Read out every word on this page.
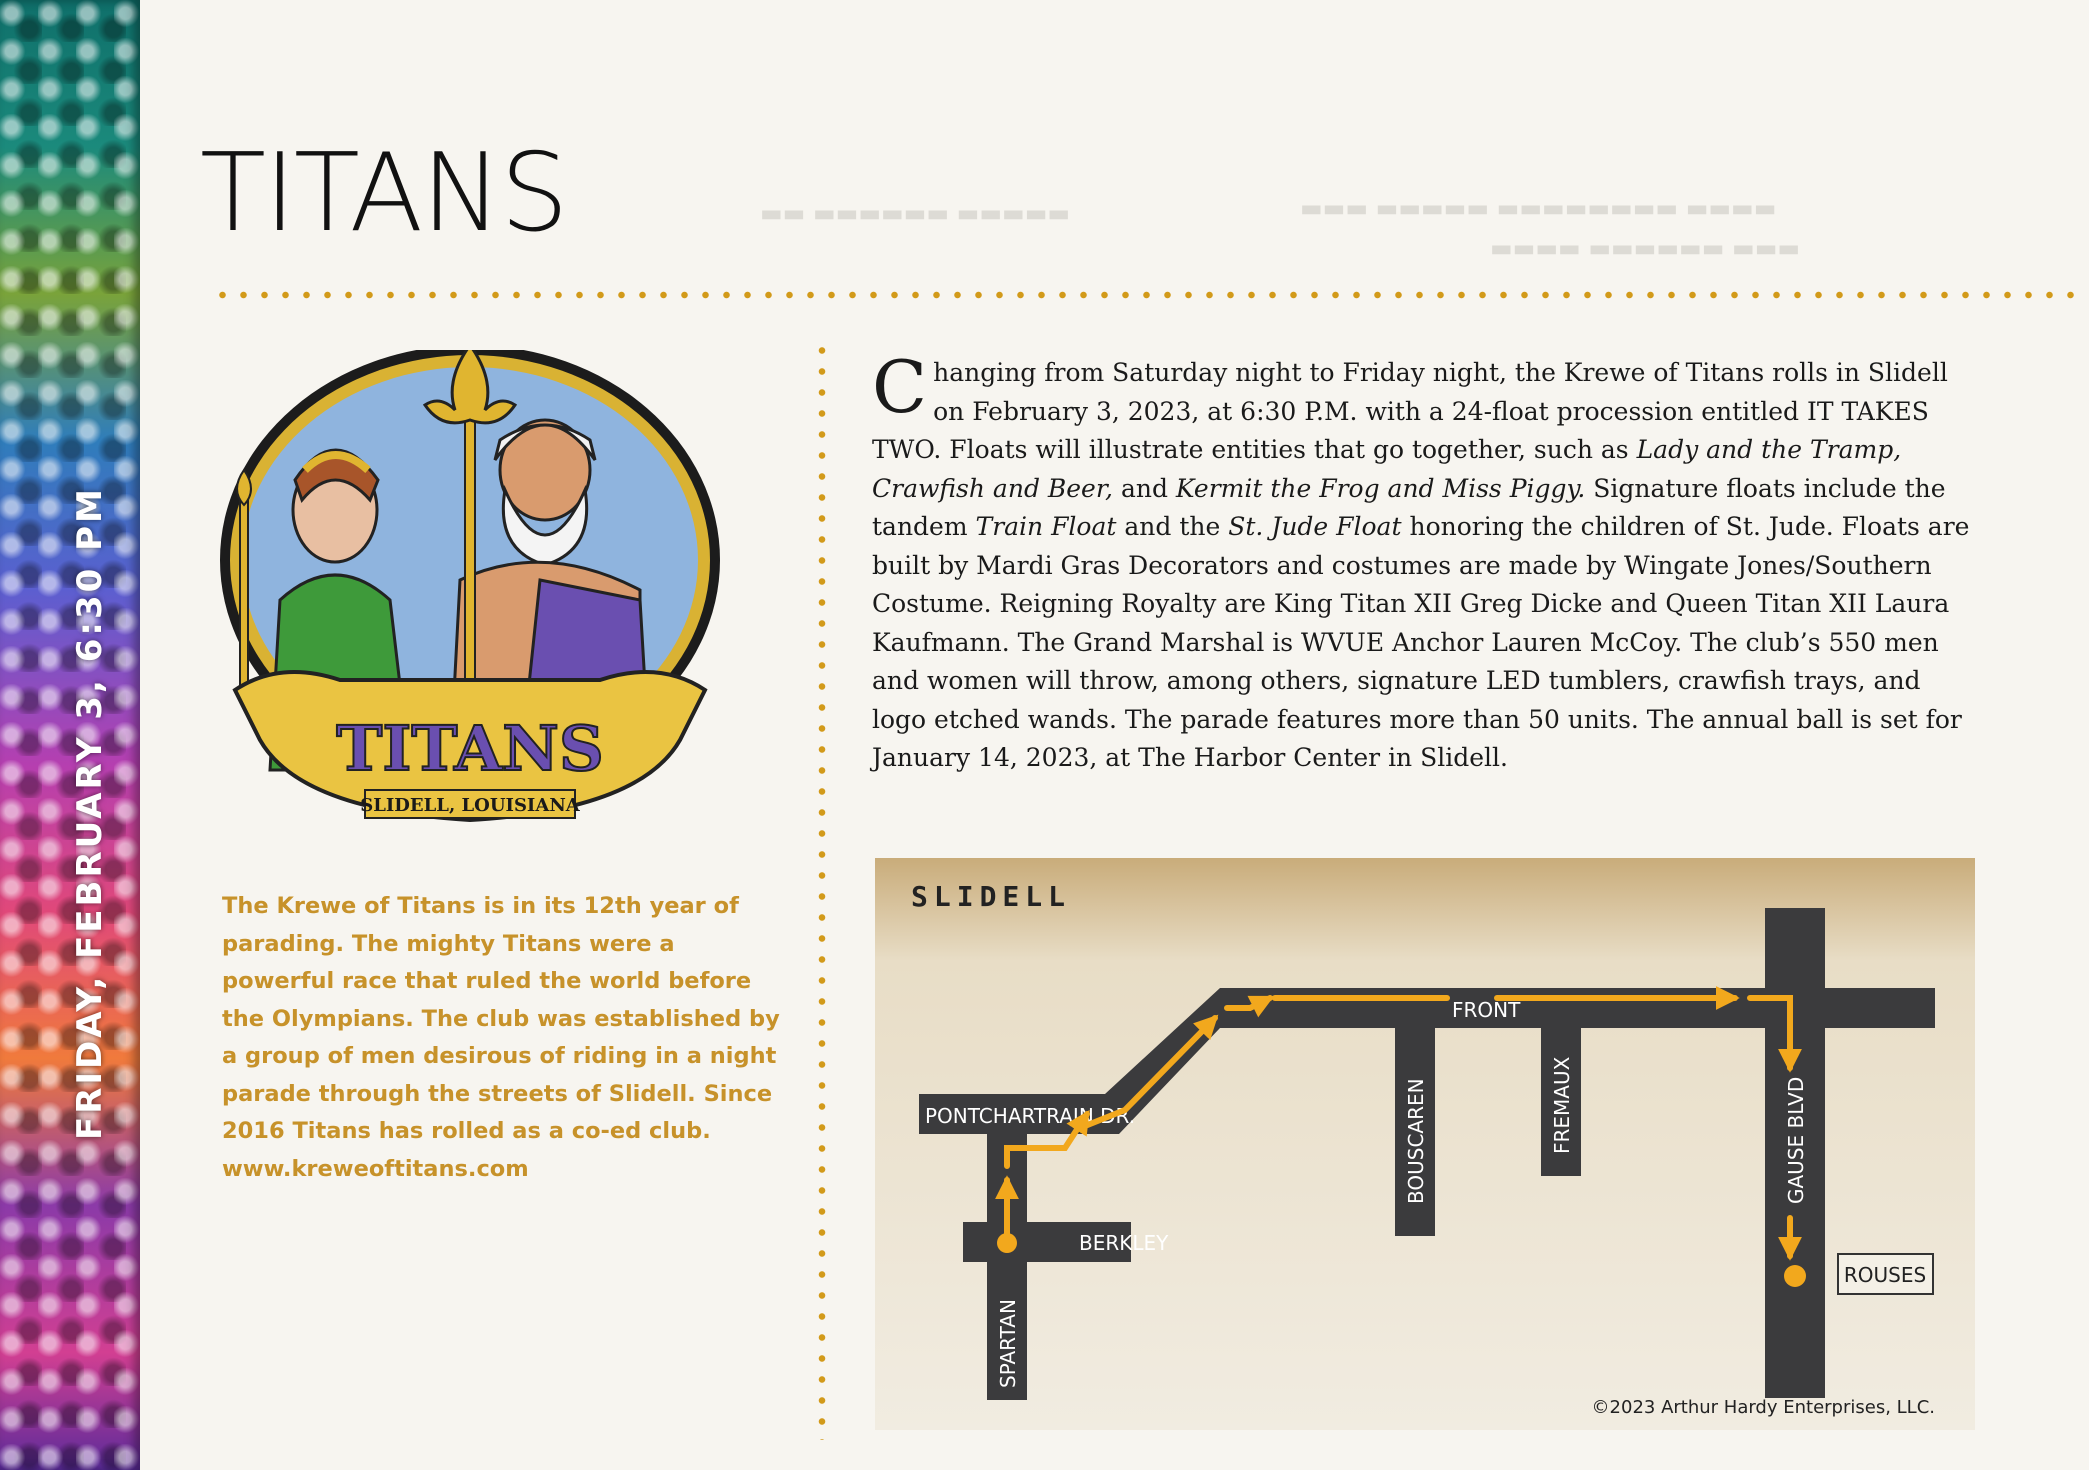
FRIDAY, FEBRUARY 3, 6:30 PM
▬▬▬ ▬▬▬▬▬ ▬▬▬▬▬▬▬▬ ▬▬▬▬
▬▬▬▬ ▬▬▬▬▬▬ ▬▬▬
▬▬ ▬▬▬▬▬▬ ▬▬▬▬▬
TITANS
TITANS
SLIDELL, LOUISIANA
The Krewe of Titans is in its 12th year of parading. The mighty Titans were a powerful race that ruled the world before the Olympians. The club was established by a group of men desirous of riding in a night parade through the streets of Slidell. Since 2016 Titans has rolled as a co-ed club.
www.kreweoftitans.com
Changing from Saturday night to Friday night, the Krewe of Titans rolls in Slidell on February 3, 2023, at 6:30 P.M. with a 24-float procession entitled IT TAKES TWO. Floats will illustrate entities that go together, such as Lady and the Tramp, Crawfish and Beer, and Kermit the Frog and Miss Piggy. Signature floats include the tandem Train Float and the St. Jude Float honoring the children of St. Jude. Floats are built by Mardi Gras Decorators and costumes are made by Wingate Jones/Southern Costume. Reigning Royalty are King Titan XII Greg Dicke and Queen Titan XII Laura Kaufmann. The Grand Marshal is WVUE Anchor Lauren McCoy. The club’s 550 men and women will throw, among others, signature LED tumblers, crawfish trays, and logo etched wands. The parade features more than 50 units. The annual ball is set for January 14, 2023, at The Harbor Center in Slidell.
SLIDELL
PONTCHARTRAIN DR.
BERKLEY
FRONT
SPARTAN
BOUSCAREN	FREMAUX	GAUSE BLVD
ROUSES
©2023 Arthur Hardy Enterprises, LLC.
